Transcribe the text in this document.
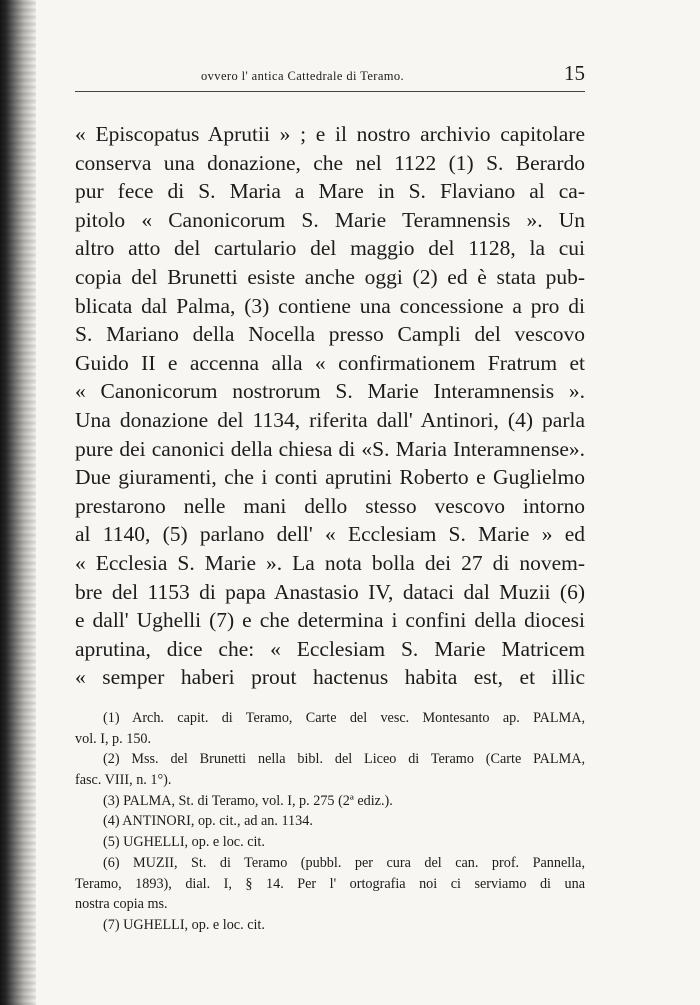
ovvero l' antica Cattedrale di Teramo.	15
« Episcopatus Aprutii » ; e il nostro archivio capitolare
conserva una donazione, che nel 1122 (1) S. Berardo
pur fece di S. Maria a Mare in S. Flaviano al ca-
pitolo « Canonicorum S. Marie Teramnensis ». Un
altro atto del cartulario del maggio del 1128, la cui
copia del Brunetti esiste anche oggi (2) ed è stata pub-
blicata dal Palma, (3) contiene una concessione a pro di
S. Mariano della Nocella presso Campli del vescovo
Guido II e accenna alla « confirmationem Fratrum et
« Canonicorum nostrorum S. Marie Interamnensis ».
Una donazione del 1134, riferita dall' Antinori, (4) parla
pure dei canonici della chiesa di «S. Maria Interamnense».
Due giuramenti, che i conti aprutini Roberto e Guglielmo
prestarono nelle mani dello stesso vescovo intorno
al 1140, (5) parlano dell' « Ecclesiam S. Marie » ed
« Ecclesia S. Marie ». La nota bolla dei 27 di novem-
bre del 1153 di papa Anastasio IV, dataci dal Muzii (6)
e dall' Ughelli (7) e che determina i confini della diocesi
aprutina, dice che: « Ecclesiam S. Marie Matricem
« semper haberi prout hactenus habita est, et illic
(1) Arch. capit. di Teramo, Carte del vesc. Montesanto ap. PALMA,
vol. I, p. 150.
(2) Mss. del Brunetti nella bibl. del Liceo di Teramo (Carte PALMA,
fasc. VIII, n. 1°).
(3) PALMA, St. di Teramo, vol. I, p. 275 (2ª ediz.).
(4) ANTINORI, op. cit., ad an. 1134.
(5) UGHELLI, op. e loc. cit.
(6) MUZII, St. di Teramo (pubbl. per cura del can. prof. Pannella,
Teramo, 1893), dial. I, § 14. Per l' ortografia noi ci serviamo di una
nostra copia ms.
(7) UGHELLI, op. e loc. cit.
